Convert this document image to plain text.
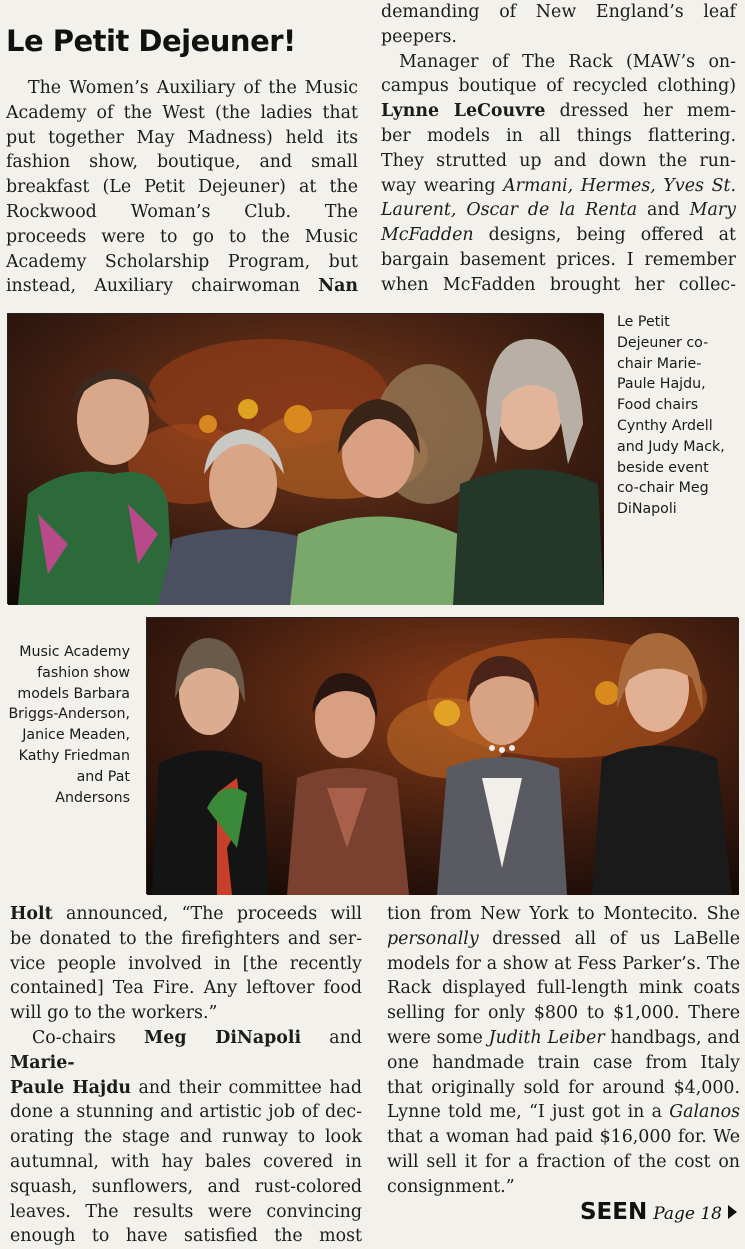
Le Petit Dejeuner!
The Women’s Auxiliary of the Music
Academy of the West (the ladies that
put together May Madness) held its
fashion show, boutique, and small
breakfast (Le Petit Dejeuner) at the
Rockwood Woman’s Club. The
proceeds were to go to the Music
Academy Scholarship Program, but
instead, Auxiliary chairwoman Nan
demanding of New England’s leaf
peepers.
Manager of The Rack (MAW’s on-
campus boutique of recycled clothing)
Lynne LeCouvre dressed her mem-
ber models in all things flattering.
They strutted up and down the run-
way wearing Armani, Hermes, Yves St.
Laurent, Oscar de la Renta and Mary
McFadden designs, being offered at
bargain basement prices. I remember
when McFadden brought her collec-
Le Petit
Dejeuner co-
chair Marie-
Paule Hajdu,
Food chairs
Cynthy Ardell
and Judy Mack,
beside event
co-chair Meg
DiNapoli
Music Academy
fashion show
models Barbara
Briggs-Anderson,
Janice Meaden,
Kathy Friedman
and Pat
Andersons
Holt announced, “The proceeds will
be donated to the firefighters and ser-
vice people involved in [the recently
contained] Tea Fire. Any leftover food
will go to the workers.”
Co-chairs Meg DiNapoli and Marie-
Paule Hajdu and their committee had
done a stunning and artistic job of dec-
orating the stage and runway to look
autumnal, with hay bales covered in
squash, sunflowers, and rust-colored
leaves. The results were convincing
enough to have satisfied the most
tion from New York to Montecito. She
personally dressed all of us LaBelle
models for a show at Fess Parker’s. The
Rack displayed full-length mink coats
selling for only $800 to $1,000. There
were some Judith Leiber handbags, and
one handmade train case from Italy
that originally sold for around $4,000.
Lynne told me, “I just got in a Galanos
that a woman had paid $16,000 for. We
will sell it for a fraction of the cost on
consignment.”
SEEN Page 18
